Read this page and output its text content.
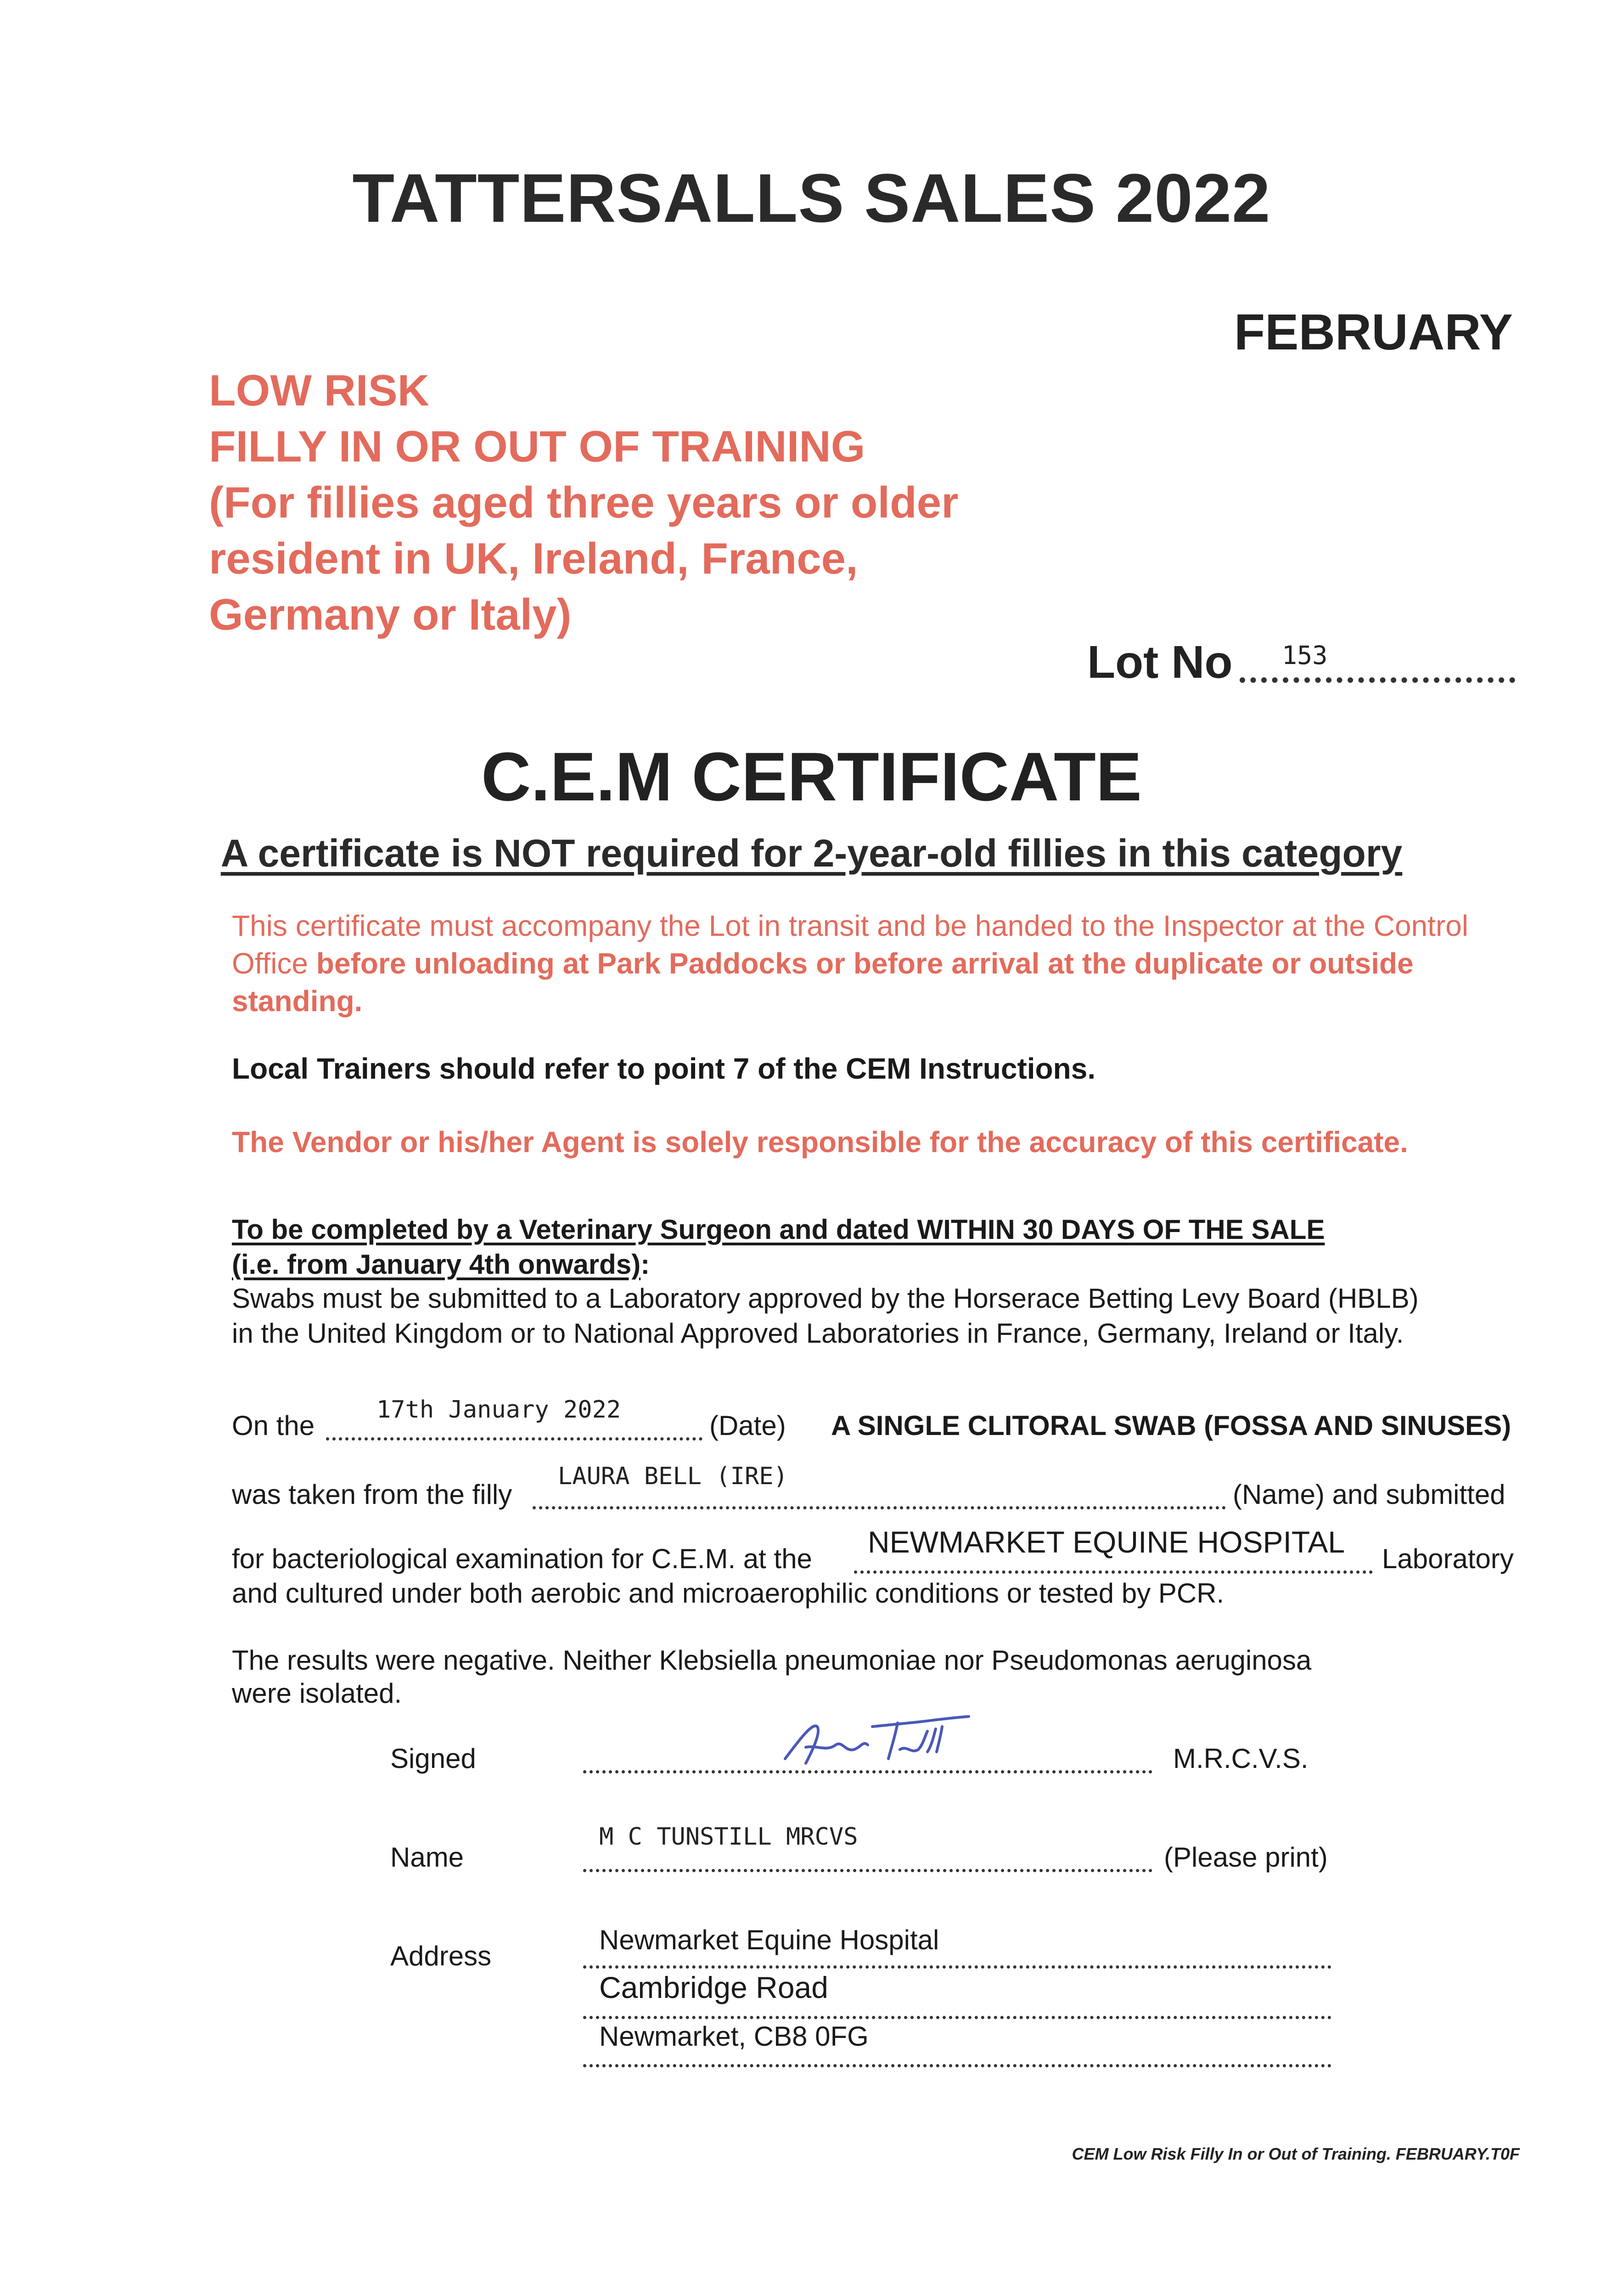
TATTERSALLS SALES 2022
FEBRUARY
LOW RISK
FILLY IN OR OUT OF TRAINING
(For fillies aged three years or older
resident in UK, Ireland, France,
Germany or Italy)
Lot No 153
C.E.M CERTIFICATE
A certificate is NOT required for 2-year-old fillies in this category
This certificate must accompany the Lot in transit and be handed to the Inspector at the Control Office before unloading at Park Paddocks or before arrival at the duplicate or outside standing.
Local Trainers should refer to point 7 of the CEM Instructions.
The Vendor or his/her Agent is solely responsible for the accuracy of this certificate.
To be completed by a Veterinary Surgeon and dated WITHIN 30 DAYS OF THE SALE
(i.e. from January 4th onwards):
Swabs must be submitted to a Laboratory approved by the Horserace Betting Levy Board (HBLB)
in the United Kingdom or to National Approved Laboratories in France, Germany, Ireland or Italy.
On the
17th January 2022
(Date) A SINGLE CLITORAL SWAB (FOSSA AND SINUSES)
was taken from the filly
LAURA BELL (IRE)
(Name) and submitted
for bacteriological examination for C.E.M. at the NEWMARKET EQUINE HOSPITAL Laboratory
and cultured under both aerobic and microaerophilic conditions or tested by PCR.
The results were negative. Neither Klebsiella pneumoniae nor Pseudomonas aeruginosa
were isolated.
Signed	M.R.C.V.S.
Name
M C TUNSTILL MRCVS
(Please print)
Address
Newmarket Equine Hospital
Cambridge Road
Newmarket, CB8 0FG
CEM Low Risk Filly In or Out of Training. FEBRUARY.T0F
